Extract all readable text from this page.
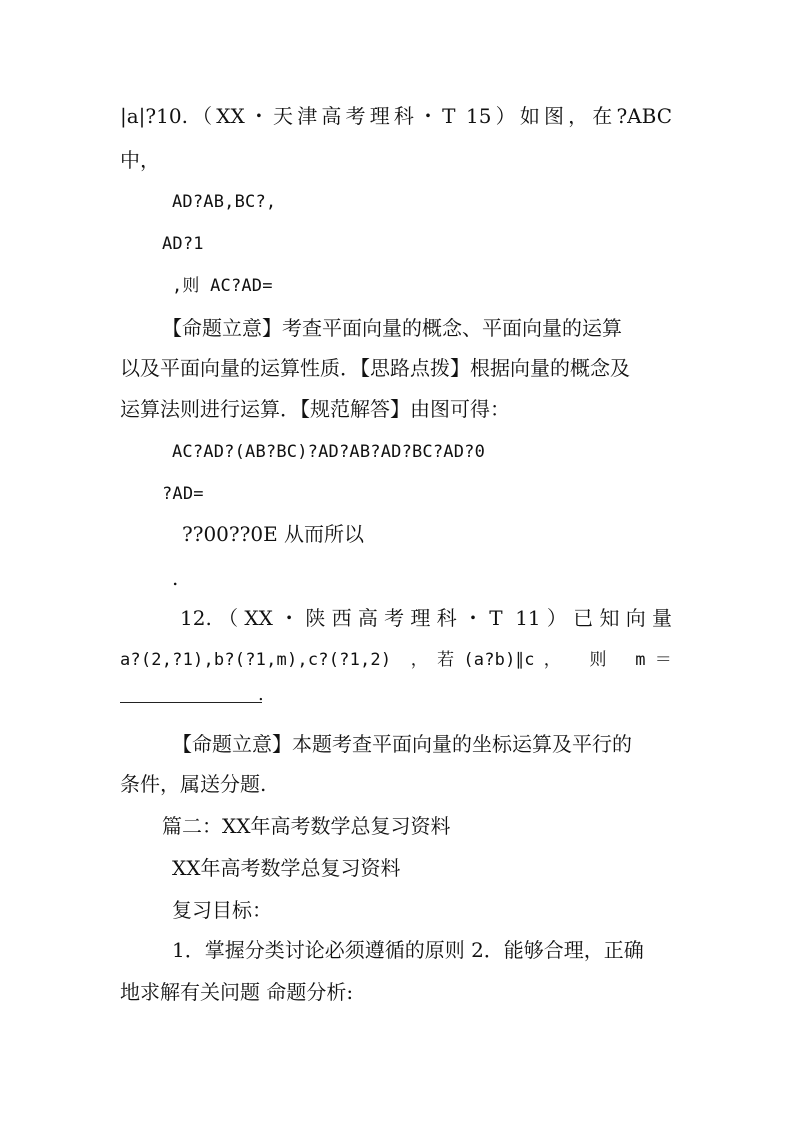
|a|?10.（XX・天津高考理科・T 15）如图，在?ABC
中，
AD?AB,BC?,
AD?1
,则 AC?AD=
【命题立意】考查平面向量的概念、平面向量的运算
以及平面向量的运算性质．【思路点拨】根据向量的概念及
运算法则进行运算．【规范解答】由图可得：
AC?AD?(AB?BC)?AD?AB?AD?BC?AD?0
?AD=
??00??0E 从而所以
.
12.（XX・陕西高考理科・T 11）已知向量
a?(2,?1),b?(?1,m),c?(?1,2) ，若(a?b)∥c， 则 m＝
.
【命题立意】本题考查平面向量的坐标运算及平行的
条件，属送分题.
篇二：XX年高考数学总复习资料
XX年高考数学总复习资料
复习目标：
1．掌握分类讨论必须遵循的原则 2．能够合理，正确
地求解有关问题 命题分析:
